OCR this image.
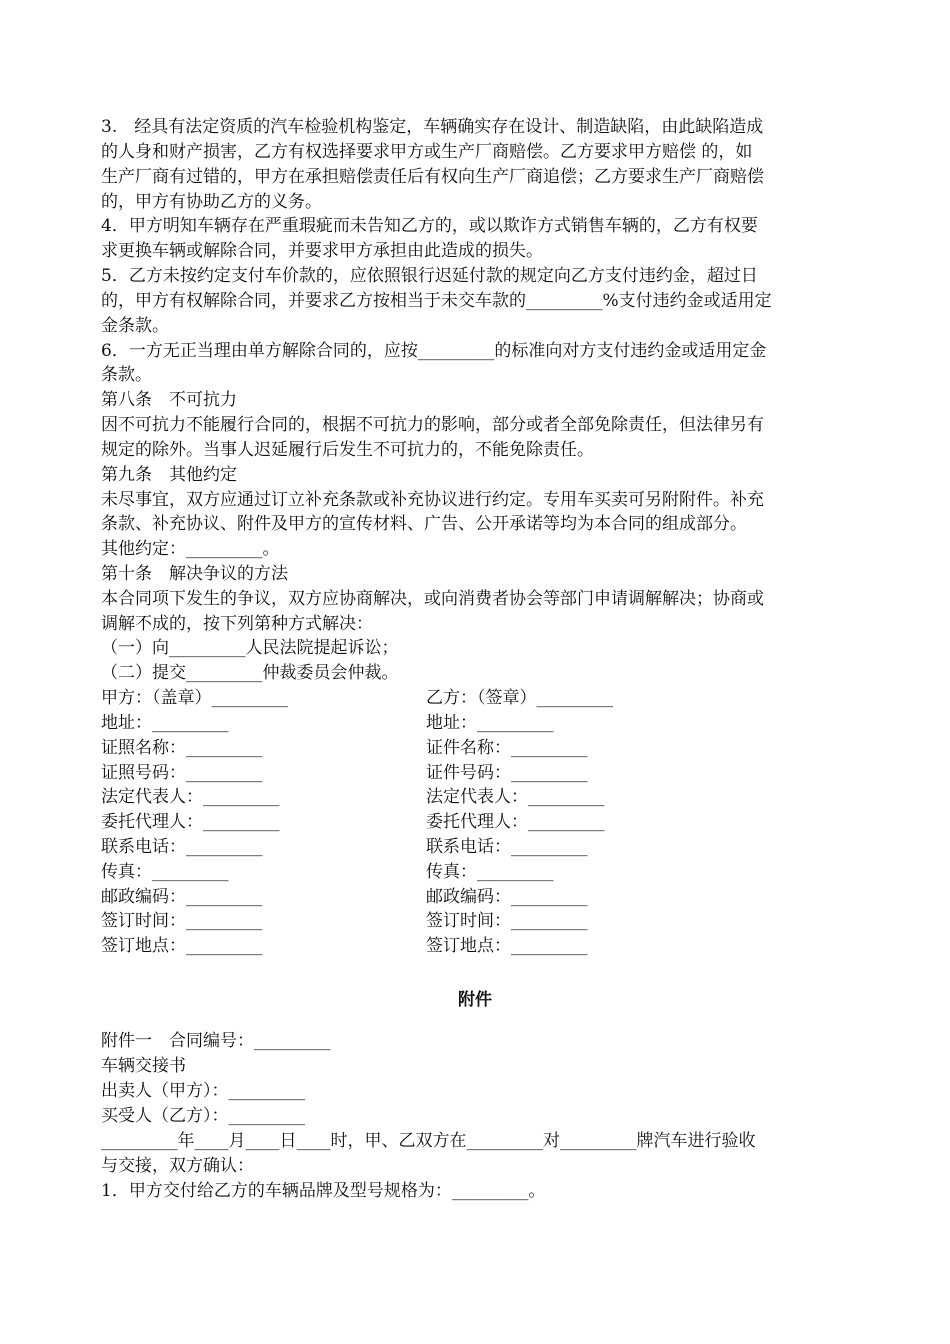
3.　经具有法定资质的汽车检验机构鉴定，车辆确实存在设计、制造缺陷，由此缺陷造成
的人身和财产损害，乙方有权选择要求甲方或生产厂商赔偿。乙方要求甲方赔偿 的，如
生产厂商有过错的，甲方在承担赔偿责任后有权向生产厂商追偿；乙方要求生产厂商赔偿
的，甲方有协助乙方的义务。
4．甲方明知车辆存在严重瑕疵而未告知乙方的，或以欺诈方式销售车辆的，乙方有权要
求更换车辆或解除合同，并要求甲方承担由此造成的损失。
5．乙方未按约定支付车价款的，应依照银行迟延付款的规定向乙方支付违约金，超过日
的，甲方有权解除合同，并要求乙方按相当于未交车款的_________%支付违约金或适用定
金条款。
6．一方无正当理由单方解除合同的，应按_________的标准向对方支付违约金或适用定金
条款。
第八条　不可抗力
因不可抗力不能履行合同的，根据不可抗力的影响，部分或者全部免除责任，但法律另有
规定的除外。当事人迟延履行后发生不可抗力的，不能免除责任。
第九条　其他约定
未尽事宜，双方应通过订立补充条款或补充协议进行约定。专用车买卖可另附附件。补充
条款、补充协议、附件及甲方的宣传材料、广告、公开承诺等均为本合同的组成部分。
其他约定：_________。
第十条　解决争议的方法
本合同项下发生的争议，双方应协商解决，或向消费者协会等部门申请调解解决；协商或
调解不成的，按下列第种方式解决：
（一）向_________人民法院提起诉讼；
（二）提交_________仲裁委员会仲裁。
甲方：（盖章）_________
地址：_________
证照名称：_________
证照号码：_________
法定代表人：_________
委托代理人：_________
联系电话：_________
传真：_________
邮政编码：_________
签订时间：_________
签订地点：_________
乙方：（签章）_________
地址：_________
证件名称：_________
证件号码：_________
法定代表人：_________
委托代理人：_________
联系电话：_________
传真：_________
邮政编码：_________
签订时间：_________
签订地点：_________
附件
附件一　合同编号：_________
车辆交接书
出卖人（甲方）：_________
买受人（乙方）：_________
_________年____月____日____时，甲、乙双方在_________对_________牌汽车进行验收
与交接，双方确认：
1．甲方交付给乙方的车辆品牌及型号规格为：_________。
